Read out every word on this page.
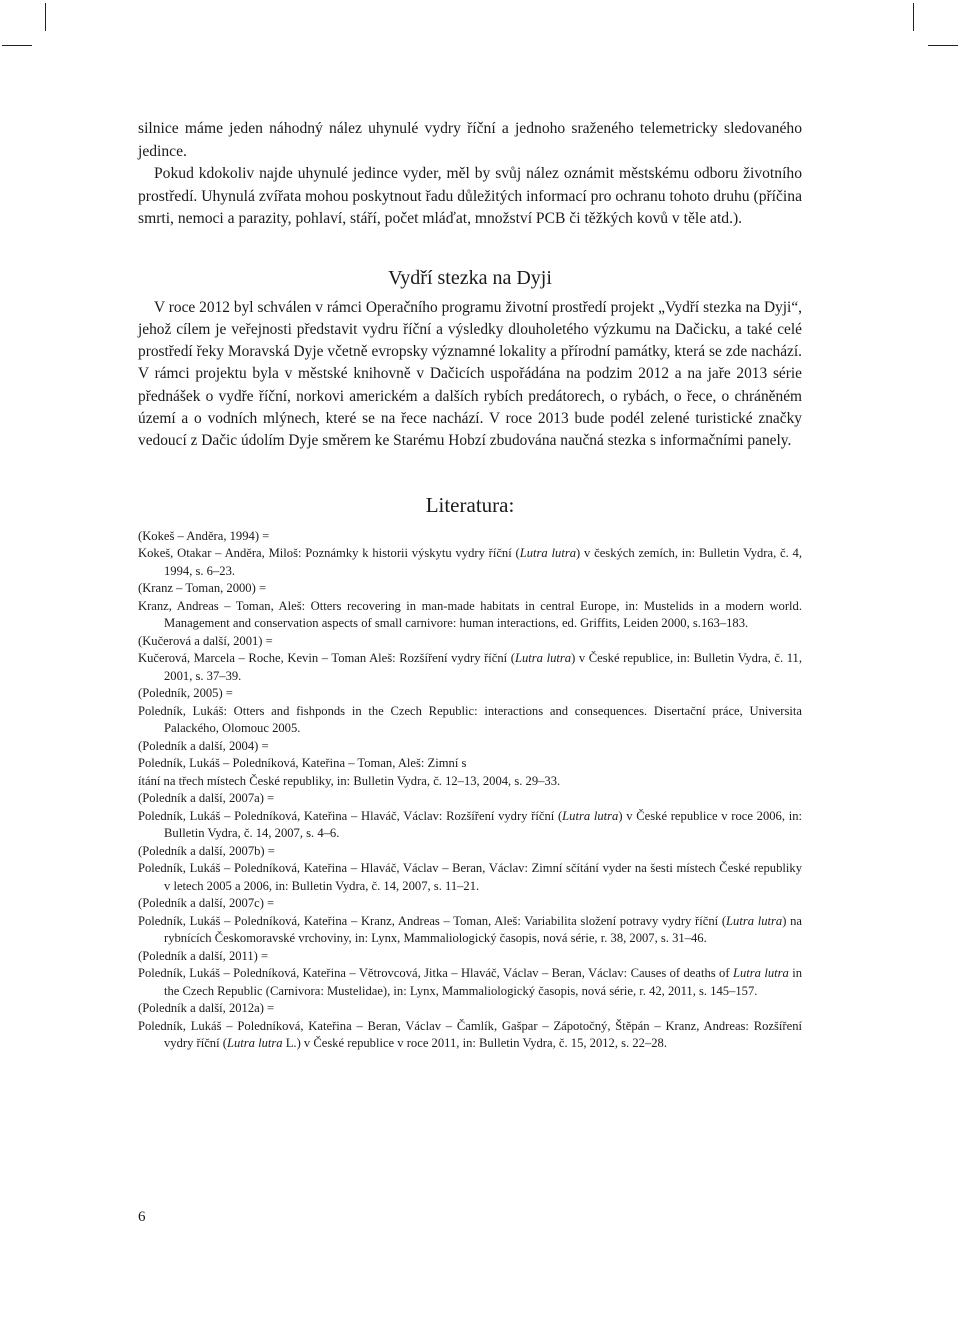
silnice máme jeden náhodný nález uhynulé vydry říční a jednoho sraženého telemetricky sledovaného jedince.

Pokud kdokoliv najde uhynulé jedince vyder, měl by svůj nález oznámit městskému odboru životního prostředí. Uhynulá zvířata mohou poskytnout řadu důležitých informací pro ochranu tohoto druhu (příčina smrti, nemoci a parazity, pohlaví, stáří, počet mláďat, množství PCB či těžkých kovů v těle atd.).

Vydří stezka na Dyji

V roce 2012 byl schválen v rámci Operačního programu životní prostředí projekt „Vydří stezka na Dyji“, jehož cílem je veřejnosti představit vydru říční a výsledky dlouholetého výzkumu na Dačicku, a také celé prostředí řeky Moravská Dyje včetně evropsky významné lokality a přírodní památky, která se zde nachází. V rámci projektu byla v městské knihovně v Dačicích uspořádána na podzim 2012 a na jaře 2013 série přednášek o vydře říční, norkovi americkém a dalších rybích predátorech, o rybách, o řece, o chráněném území a o vodních mlýnech, které se na řece nachází. V roce 2013 bude podél zelené turistické značky vedoucí z Dačic údolím Dyje směrem ke Starému Hobzí zbudována naučná stezka s informačními panely.

Literatura:

(Kokeš – Anděra, 1994) =

Kokeš, Otakar – Anděra, Miloš: Poznámky k historii výskytu vydry říční (Lutra lutra) v českých zemích, in: Bulletin Vydra, č. 4, 1994, s. 6–23.

(Kranz – Toman, 2000) =

Kranz, Andreas – Toman, Aleš: Otters recovering in man-made habitats in central Europe, in: Mustelids in a modern world. Management and conservation aspects of small carnivore: human interactions, ed. Griffits, Leiden 2000, s.163–183.

(Kučerová a další, 2001) =

Kučerová, Marcela – Roche, Kevin – Toman Aleš: Rozšíření vydry říční (Lutra lutra) v České republice, in: Bulletin Vydra, č. 11, 2001, s. 37–39.

(Poledník, 2005) =

Poledník, Lukáš: Otters and fishponds in the Czech Republic: interactions and consequences. Disertační práce, Universita Palackého, Olomouc 2005.

(Poledník a další, 2004) =

Poledník, Lukáš – Poledníková, Kateřina – Toman, Aleš: Zimní s

ítání na třech místech České republiky, in: Bulletin Vydra, č. 12–13, 2004, s. 29–33.

(Poledník a další, 2007a) =

Poledník, Lukáš – Poledníková, Kateřina – Hlaváč, Václav: Rozšíření vydry říční (Lutra lutra) v České republice v roce 2006, in: Bulletin Vydra, č. 14, 2007, s. 4–6.

(Poledník a další, 2007b) =

Poledník, Lukáš – Poledníková, Kateřina – Hlaváč, Václav – Beran, Václav: Zimní sčítání vyder na šesti místech České republiky v letech 2005 a 2006, in: Bulletin Vydra, č. 14, 2007, s. 11–21.

(Poledník a další, 2007c) =

Poledník, Lukáš – Poledníková, Kateřina – Kranz, Andreas – Toman, Aleš: Variabilita složení potravy vydry říční (Lutra lutra) na rybnících Českomoravské vrchoviny, in: Lynx, Mammaliologický časopis, nová série, r. 38, 2007, s. 31–46.

(Poledník a další, 2011) =

Poledník, Lukáš – Poledníková, Kateřina – Větrovcová, Jitka – Hlaváč, Václav – Beran, Václav: Causes of deaths of Lutra lutra in the Czech Republic (Carnivora: Mustelidae), in: Lynx, Mammaliologický časopis, nová série, r. 42, 2011, s. 145–157.

(Poledník a další, 2012a) =

Poledník, Lukáš – Poledníková, Kateřina – Beran, Václav – Čamlík, Gašpar – Zápotočný, Štěpán – Kranz, Andreas: Rozšíření vydry říční (Lutra lutra L.) v České republice v roce 2011, in: Bulletin Vydra, č. 15, 2012, s. 22–28.

6
